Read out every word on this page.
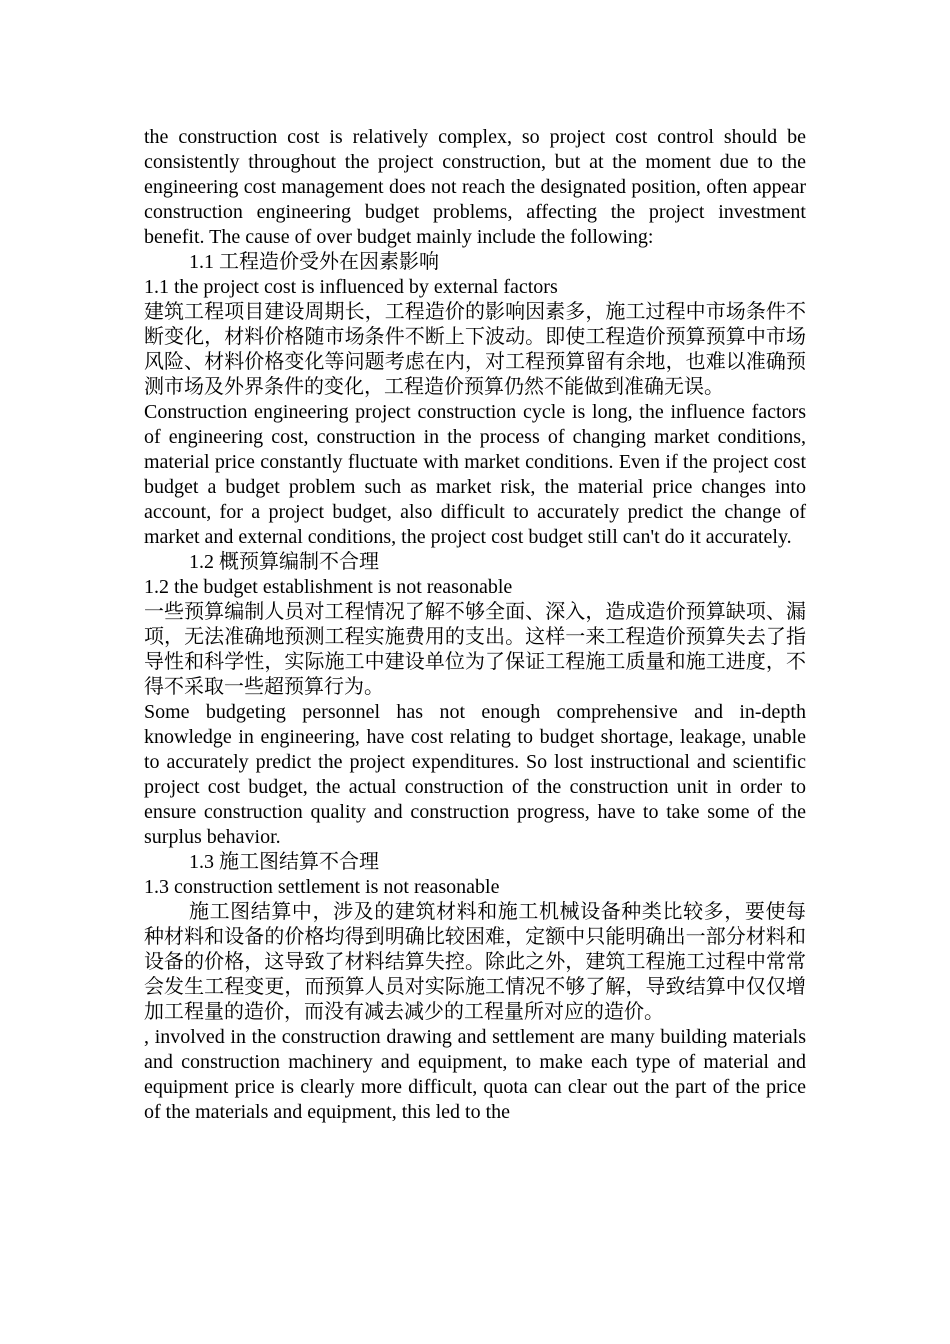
the construction cost is relatively complex, so project cost control should be consistently throughout the project construction, but at the moment due to the engineering cost management does not reach the designated position, often appear construction engineering budget problems, affecting the project investment benefit. The cause of over budget mainly include the following:

1.1 工程造价受外在因素影响

1.1 the project cost is influenced by external factors

建筑工程项目建设周期长，工程造价的影响因素多，施工过程中市场条件不断变化，材料价格随市场条件不断上下波动。即使工程造价预算预算中市场风险、材料价格变化等问题考虑在内，对工程预算留有余地，也难以准确预测市场及外界条件的变化，工程造价预算仍然不能做到准确无误。

Construction engineering project construction cycle is long, the influence factors of engineering cost, construction in the process of changing market conditions, material price constantly fluctuate with market conditions. Even if the project cost budget a budget problem such as market risk, the material price changes into account, for a project budget, also difficult to accurately predict the change of market and external conditions, the project cost budget still can't do it accurately.

1.2 概预算编制不合理

1.2 the budget establishment is not reasonable

一些预算编制人员对工程情况了解不够全面、深入，造成造价预算缺项、漏项，无法准确地预测工程实施费用的支出。这样一来工程造价预算失去了指导性和科学性，实际施工中建设单位为了保证工程施工质量和施工进度，不得不采取一些超预算行为。

Some budgeting personnel has not enough comprehensive and in-depth knowledge in engineering, have cost relating to budget shortage, leakage, unable to accurately predict the project expenditures. So lost instructional and scientific project cost budget, the actual construction of the construction unit in order to ensure construction quality and construction progress, have to take some of the surplus behavior.

1.3 施工图结算不合理

1.3 construction settlement is not reasonable

施工图结算中，涉及的建筑材料和施工机械设备种类比较多，要使每种材料和设备的价格均得到明确比较困难，定额中只能明确出一部分材料和设备的价格，这导致了材料结算失控。除此之外，建筑工程施工过程中常常会发生工程变更，而预算人员对实际施工情况不够了解，导致结算中仅仅增加工程量的造价，而没有减去减少的工程量所对应的造价。

, involved in the construction drawing and settlement are many building materials and construction machinery and equipment, to make each type of material and equipment price is clearly more difficult, quota can clear out the part of the price of the materials and equipment, this led to the
